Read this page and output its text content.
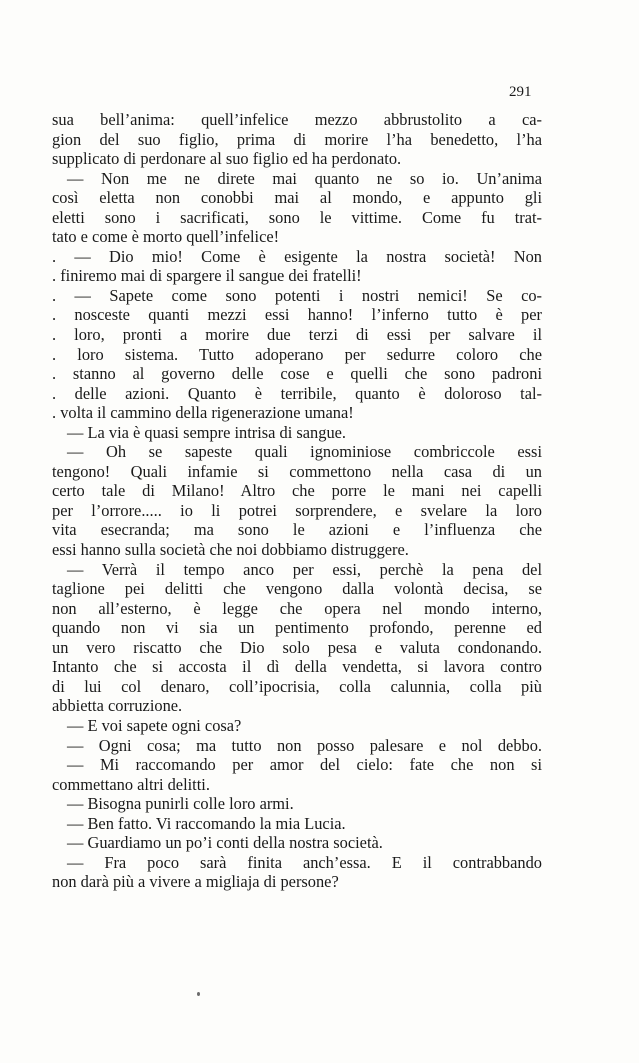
291
sua bell’anima: quell’infelice mezzo abbrustolito a ca-
gion del suo figlio, prima di morire l’ha benedetto, l’ha
supplicato di perdonare al suo figlio ed ha perdonato.
— Non me ne direte mai quanto ne so io. Un’anima
così eletta non conobbi mai al mondo, e appunto gli
eletti sono i sacrificati, sono le vittime. Come fu trat-
tato e come è morto quell’infelice!
. — Dio mio! Come è esigente la nostra società! Non
. finiremo mai di spargere il sangue dei fratelli!
. — Sapete come sono potenti i nostri nemici! Se co-
. nosceste quanti mezzi essi hanno! l’inferno tutto è per
. loro, pronti a morire due terzi di essi per salvare il
. loro sistema. Tutto adoperano per sedurre coloro che
. stanno al governo delle cose e quelli che sono padroni
. delle azioni. Quanto è terribile, quanto è doloroso tal-
. volta il cammino della rigenerazione umana!
— La via è quasi sempre intrisa di sangue.
— Oh se sapeste quali ignominiose combriccole essi
tengono! Quali infamie si commettono nella casa di un
certo tale di Milano! Altro che porre le mani nei capelli
per l’orrore..... io li potrei sorprendere, e svelare la loro
vita esecranda; ma sono le azioni e l’influenza che
essi hanno sulla società che noi dobbiamo distruggere.
— Verrà il tempo anco per essi, perchè la pena del
taglione pei delitti che vengono dalla volontà decisa, se
non all’esterno, è legge che opera nel mondo interno,
quando non vi sia un pentimento profondo, perenne ed
un vero riscatto che Dio solo pesa e valuta condonando.
Intanto che si accosta il dì della vendetta, si lavora contro
di lui col denaro, coll’ipocrisia, colla calunnia, colla più
abbietta corruzione.
— E voi sapete ogni cosa?
— Ogni cosa; ma tutto non posso palesare e nol debbo.
— Mi raccomando per amor del cielo: fate che non si
commettano altri delitti.
— Bisogna punirli colle loro armi.
— Ben fatto. Vi raccomando la mia Lucia.
— Guardiamo un po’i conti della nostra società.
— Fra poco sarà finita anch’essa. E il contrabbando
non darà più a vivere a migliaja di persone?
